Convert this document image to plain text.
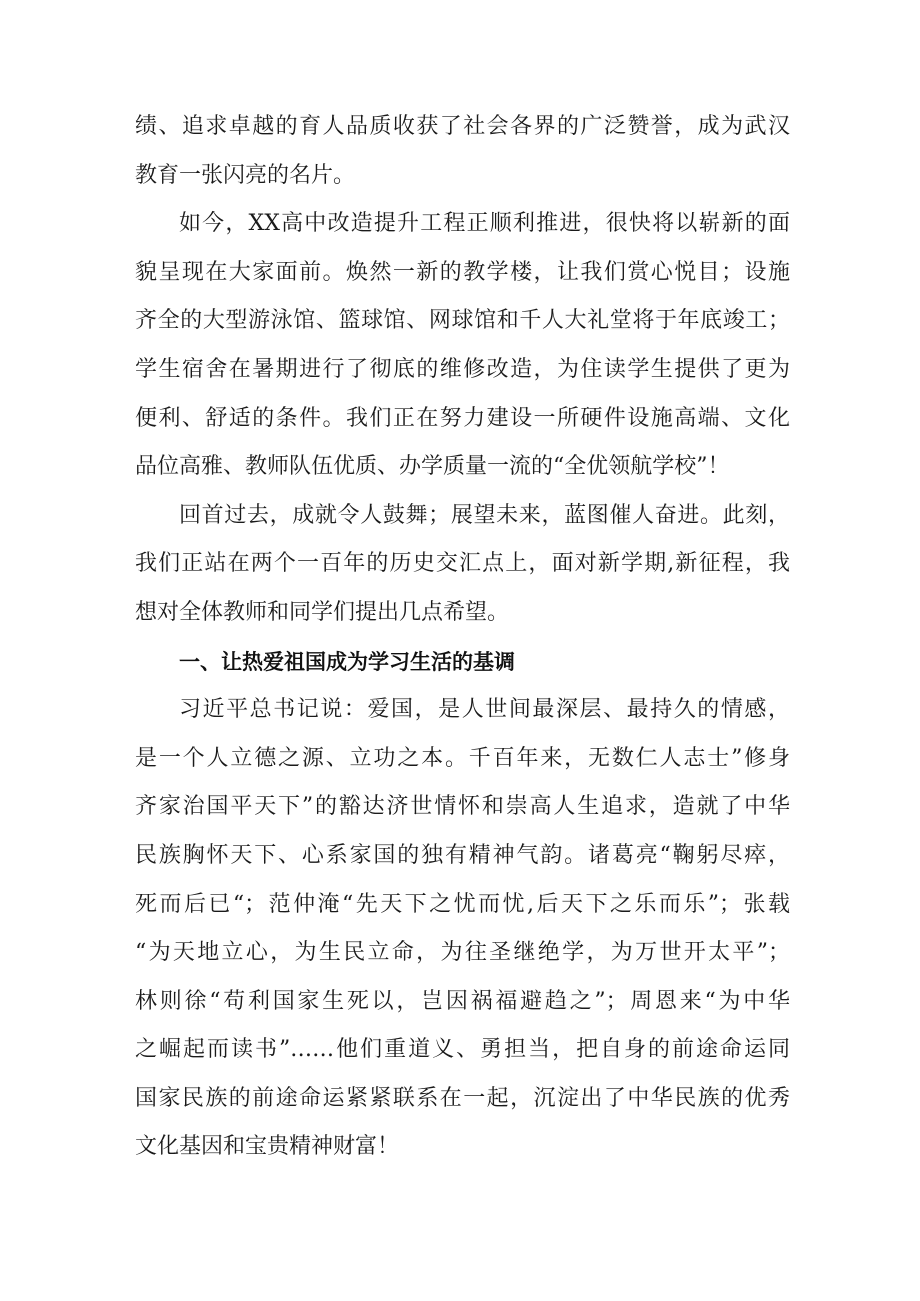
绩、追求卓越的育人品质收获了社会各界的广泛赞誉，成为武汉
教育一张闪亮的名片。

如今，XX高中改造提升工程正顺利推进，很快将以崭新的面
貌呈现在大家面前。焕然一新的教学楼，让我们赏心悦目；设施
齐全的大型游泳馆、篮球馆、网球馆和千人大礼堂将于年底竣工；
学生宿舍在暑期进行了彻底的维修改造，为住读学生提供了更为
便利、舒适的条件。我们正在努力建设一所硬件设施高端、文化
品位高雅、教师队伍优质、办学质量一流的“全优领航学校”！

回首过去，成就令人鼓舞；展望未来，蓝图催人奋进。此刻，
我们正站在两个一百年的历史交汇点上，面对新学期,新征程，我
想对全体教师和同学们提出几点希望。

一、让热爱祖国成为学习生活的基调

习近平总书记说：爱国，是人世间最深层、最持久的情感，
是一个人立德之源、立功之本。千百年来，无数仁人志士”修身
齐家治国平天下”的豁达济世情怀和崇高人生追求，造就了中华
民族胸怀天下、心系家国的独有精神气韵。诸葛亮“鞠躬尽瘁，
死而后已“；范仲淹“先天下之忧而忧,后天下之乐而乐”；张载
“为天地立心，为生民立命，为往圣继绝学，为万世开太平”；
林则徐“苟利国家生死以，岂因祸福避趋之”；周恩来“为中华
之崛起而读书”……他们重道义、勇担当，把自身的前途命运同
国家民族的前途命运紧紧联系在一起，沉淀出了中华民族的优秀
文化基因和宝贵精神财富！
